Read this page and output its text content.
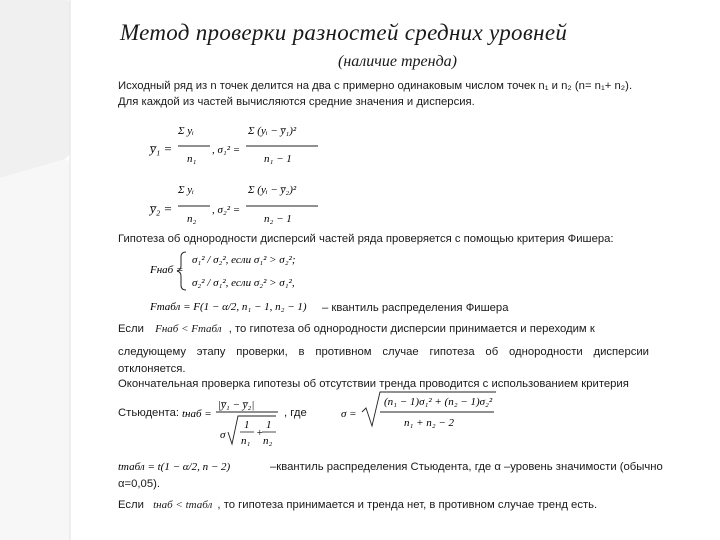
Метод проверки разностей средних уровней
(наличие тренда)
Исходный ряд из n точек делится на два с примерно одинаковым числом точек n₁ и n₂ (n= n₁+ n₂).
Для каждой из частей вычисляются средние значения и дисперсия.
y̅₁ =
Σ yᵢ
n₁
, σ₁² =
Σ (yᵢ − y̅₁)²
n₁ − 1
y̅₂ =
Σ yᵢ
n₂
, σ₂² =
Σ (yᵢ − y̅₂)²
n₂ − 1
Гипотеза об однородности дисперсий частей ряда проверяется с помощью критерия Фишера:
Fнаб =
σ₁² / σ₂², если σ₁² > σ₂²;
σ₂² / σ₁², если σ₂² > σ₁²,
Fтабл = F(1 − α/2, n₁ − 1, n₂ − 1) – квантиль распределения Фишера
Если Fнаб < Fтабл , то гипотеза об однородности дисперсии принимается и переходим к
следующему этапу проверки, в противном случае гипотеза об однородности дисперсии
отклоняется.
Окончательная проверка гипотезы об отсутствии тренда проводится с использованием критерия
Стьюдента: tнаб =
|y̅₁ − y̅₂|
σ
1
n₁
+
1
n₂
σ =
(n₁ − 1)σ₁² + (n₂ − 1)σ₂²
n₁ + n₂ − 2
, где
tтабл = t(1 − α/2, n − 2)	–квантиль распределения Стьюдента, где α –уровень значимости (обычно
α=0,05).
Если tнаб < tтабл , то гипотеза принимается и тренда нет, в противном случае тренд есть.
